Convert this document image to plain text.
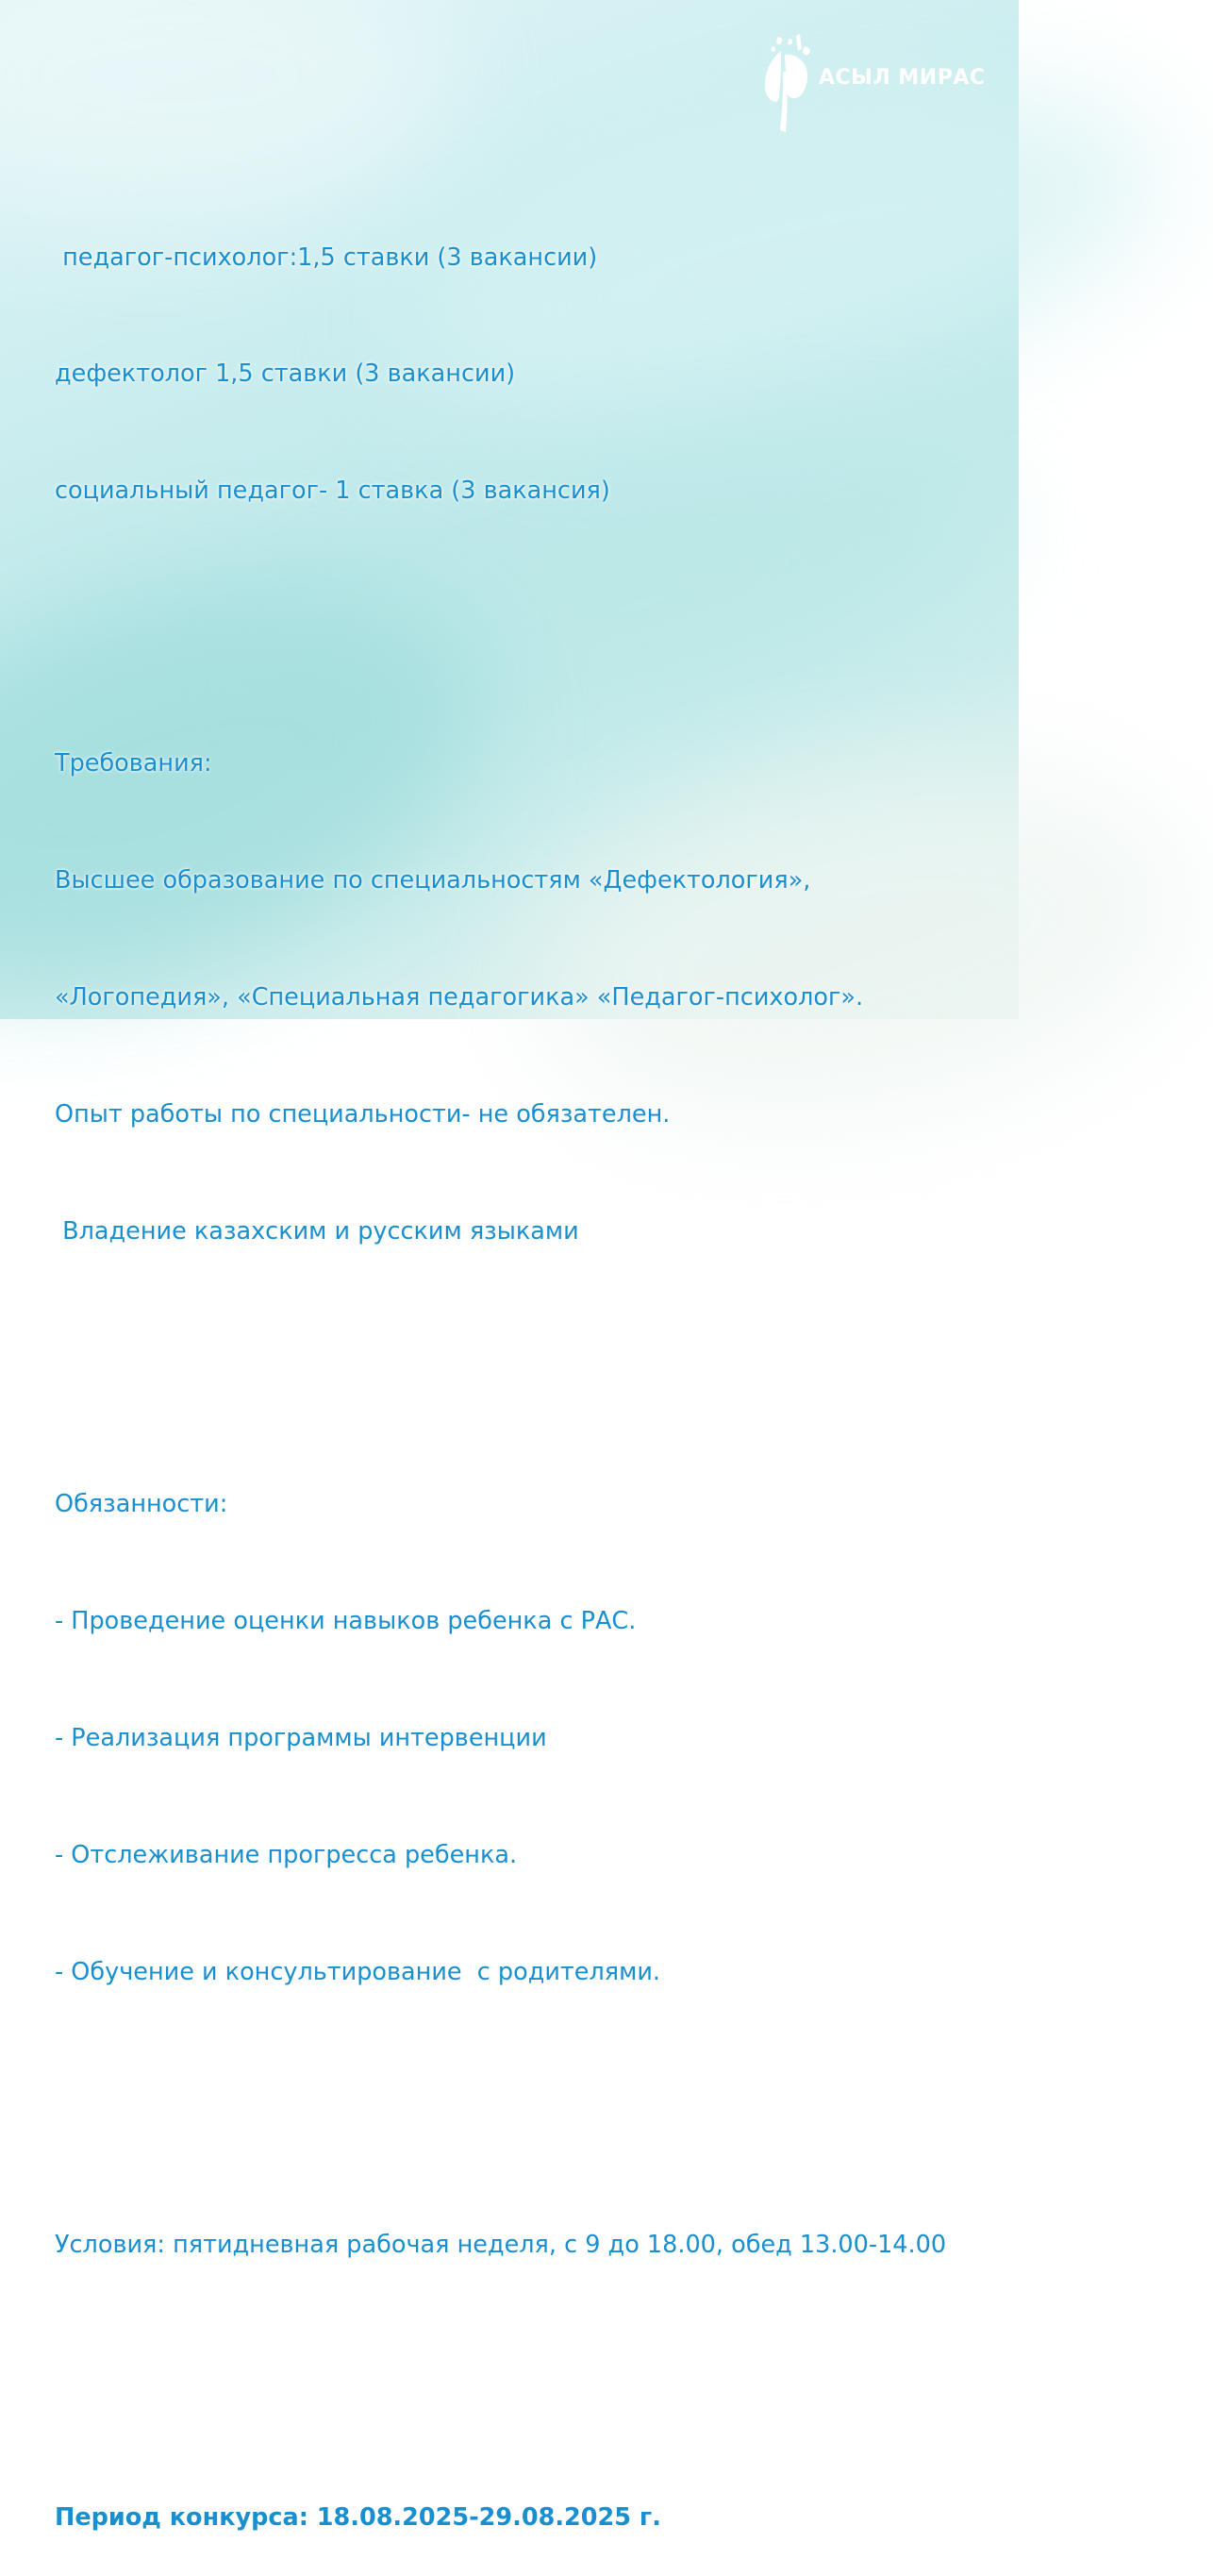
АСЫЛ МИРАС

педагог-психолог:1,5 ставки (3 вакансии)

дефектолог 1,5 ставки (3 вакансии)

социальный педагог- 1 ставка (3 вакансия)

Требования:

Высшее образование по специальностям «Дефектология»,

«Логопедия», «Специальная педагогика» «Педагог-психолог».

Опыт работы по специальности- не обязателен.

Владение казахским и русским языками

Обязанности:

- Проведение оценки навыков ребенка с РАС.

- Реализация программы интервенции

- Отслеживание прогресса ребенка.

- Обучение и консультирование  с родителями.

Условия: пятидневная рабочая неделя, с 9 до 18.00, обед 13.00-14.00

Период конкурса: 18.08.2025-29.08.2025 г.
